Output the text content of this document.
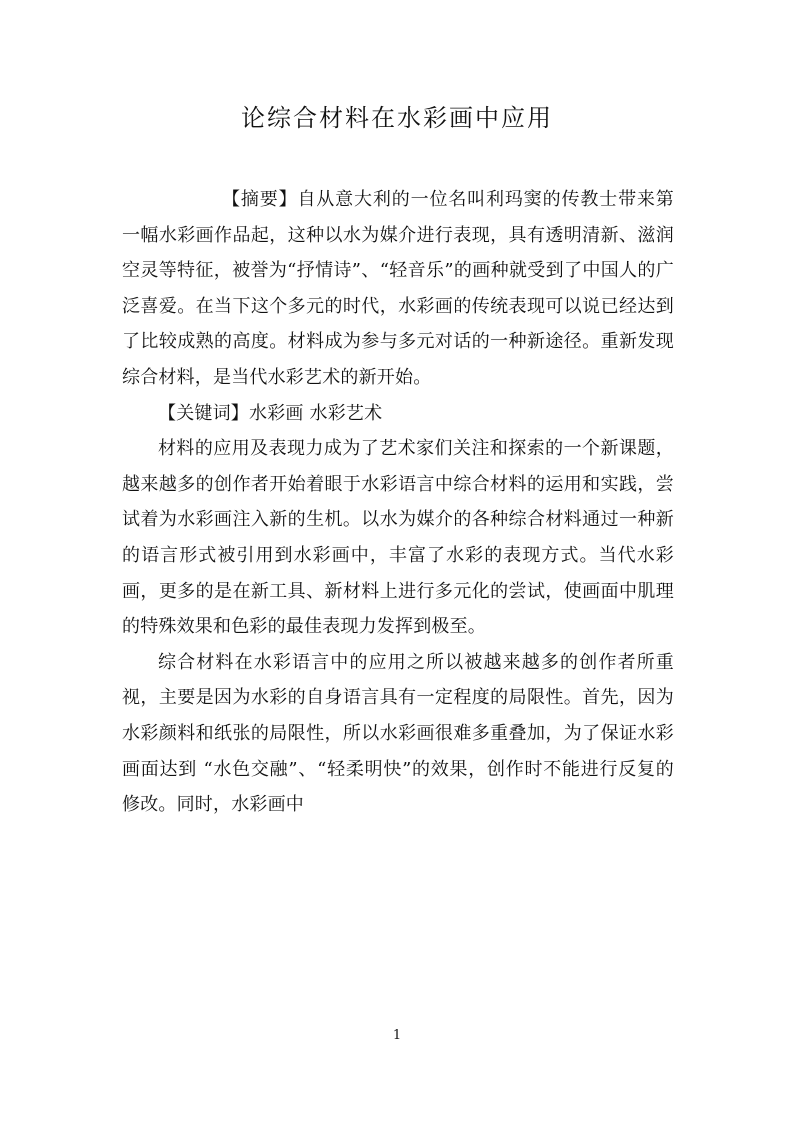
论综合材料在水彩画中应用

【摘要】自从意大利的一位名叫利玛窦的传教士带来第一幅水彩画作品起，这种以水为媒介进行表现，具有透明清新、滋润空灵等特征，被誉为“抒情诗”、“轻音乐”的画种就受到了中国人的广泛喜爱。在当下这个多元的时代，水彩画的传统表现可以说已经达到了比较成熟的高度。材料成为参与多元对话的一种新途径。重新发现综合材料，是当代水彩艺术的新开始。

【关键词】水彩画 水彩艺术

材料的应用及表现力成为了艺术家们关注和探索的一个新课题，越来越多的创作者开始着眼于水彩语言中综合材料的运用和实践，尝试着为水彩画注入新的生机。以水为媒介的各种综合材料通过一种新的语言形式被引用到水彩画中，丰富了水彩的表现方式。当代水彩画，更多的是在新工具、新材料上进行多元化的尝试，使画面中肌理的特殊效果和色彩的最佳表现力发挥到极至。

综合材料在水彩语言中的应用之所以被越来越多的创作者所重视，主要是因为水彩的自身语言具有一定程度的局限性。首先，因为水彩颜料和纸张的局限性，所以水彩画很难多重叠加，为了保证水彩画面达到 “水色交融”、“轻柔明快”的效果，创作时不能进行反复的修改。同时，水彩画中

1
